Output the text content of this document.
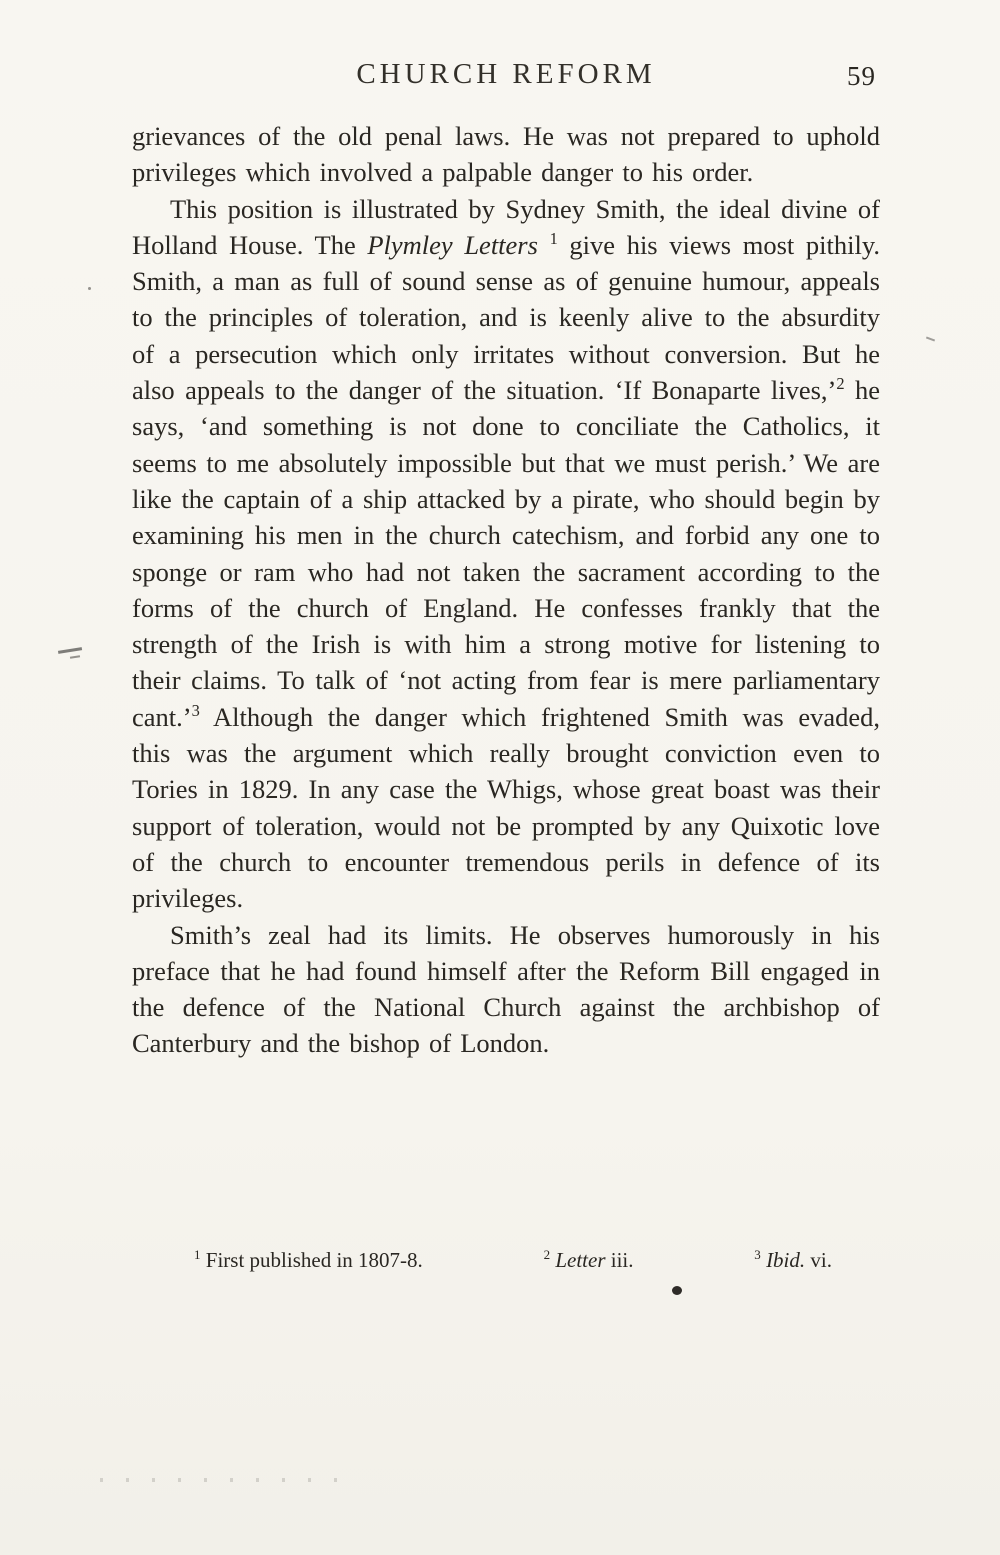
CHURCH REFORM	59

grievances of the old penal laws. He was not prepared to uphold privileges which involved a palpable danger to his order.

This position is illustrated by Sydney Smith, the ideal divine of Holland House. The Plymley Letters $^1$ give his views most pithily. Smith, a man as full of sound sense as of genuine humour, appeals to the principles of toleration, and is keenly alive to the absurdity of a persecution which only irritates without conversion. But he also appeals to the danger of the situation. ‘If Bonaparte lives,’$^2$ he says, ‘and something is not done to conciliate the Catholics, it seems to me absolutely impossible but that we must perish.’ We are like the captain of a ship attacked by a pirate, who should begin by examining his men in the church catechism, and forbid any one to sponge or ram who had not taken the sacrament according to the forms of the church of England. He confesses frankly that the strength of the Irish is with him a strong motive for listening to their claims. To talk of ‘not acting from fear is mere parliamentary cant.’$^3$ Although the danger which frightened Smith was evaded, this was the argument which really brought conviction even to Tories in 1829. In any case the Whigs, whose great boast was their support of toleration, would not be prompted by any Quixotic love of the church to encounter tremendous perils in defence of its privileges.

Smith’s zeal had its limits. He observes humorously in his preface that he had found himself after the Reform Bill engaged in the defence of the National Church against the archbishop of Canterbury and the bishop of London.

$^1$ First published in 1807-8.	$^2$ Letter iii.	$^3$ Ibid. vi.
